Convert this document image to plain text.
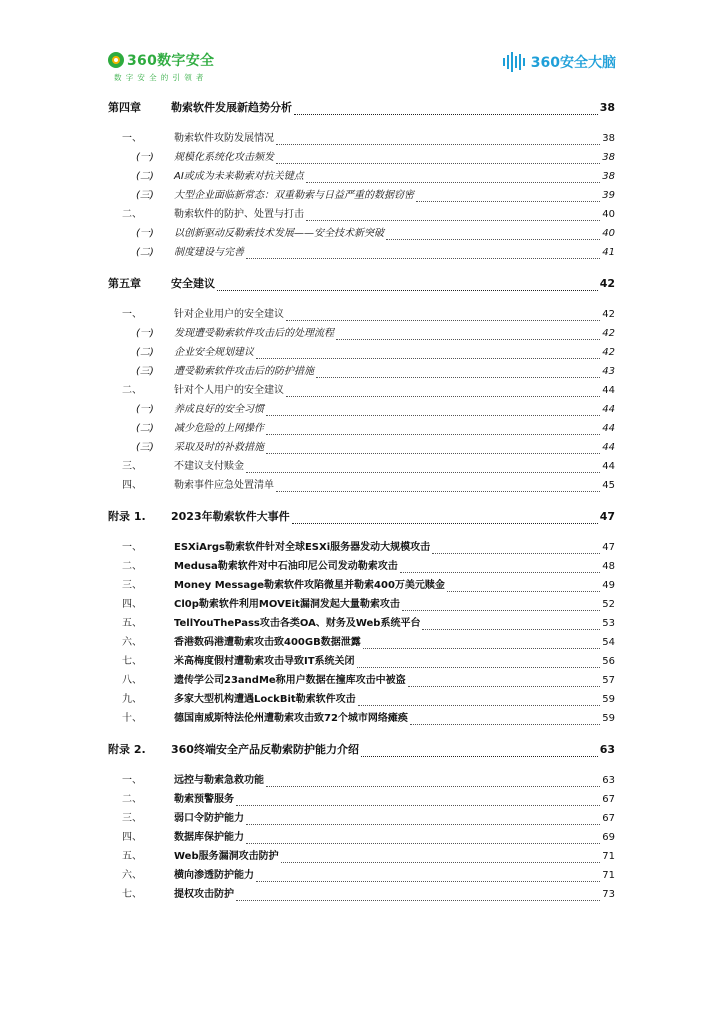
360数字安全
数字安全的引领者
360安全大脑
第四章	勒索软件发展新趋势分析	38
一、	勒索软件攻防发展情况	38
(一)	规模化系统化攻击频发	38
(二)	AI或成为未来勒索对抗关键点	38
(三)	大型企业面临新常态：双重勒索与日益严重的数据窃密	39
二、	勒索软件的防护、处置与打击	40
(一)	以创新驱动反勒索技术发展——安全技术新突破	40
(二)	制度建设与完善	41
第五章	安全建议	42
一、	针对企业用户的安全建议	42
(一)	发现遭受勒索软件攻击后的处理流程	42
(二)	企业安全规划建议	42
(三)	遭受勒索软件攻击后的防护措施	43
二、	针对个人用户的安全建议	44
(一)	养成良好的安全习惯	44
(二)	减少危险的上网操作	44
(三)	采取及时的补救措施	44
三、	不建议支付赎金	44
四、	勒索事件应急处置清单	45
附录 1.	2023年勒索软件大事件	47
一、	ESXiArgs勒索软件针对全球ESXi服务器发动大规模攻击	47
二、	Medusa勒索软件对中石油印尼公司发动勒索攻击	48
三、	Money Message勒索软件攻陷微星并勒索400万美元赎金	49
四、	Cl0p勒索软件利用MOVEit漏洞发起大量勒索攻击	52
五、	TellYouThePass攻击各类OA、财务及Web系统平台	53
六、	香港数码港遭勒索攻击致400GB数据泄露	54
七、	米高梅度假村遭勒索攻击导致IT系统关闭	56
八、	遗传学公司23andMe称用户数据在撞库攻击中被盗	57
九、	多家大型机构遭遇LockBit勒索软件攻击	59
十、	德国南威斯特法伦州遭勒索攻击致72个城市网络瘫痪	59
附录 2.	360终端安全产品反勒索防护能力介绍	63
一、	远控与勒索急救功能	63
二、	勒索预警服务	67
三、	弱口令防护能力	67
四、	数据库保护能力	69
五、	Web服务漏洞攻击防护	71
六、	横向渗透防护能力	71
七、	提权攻击防护	73
